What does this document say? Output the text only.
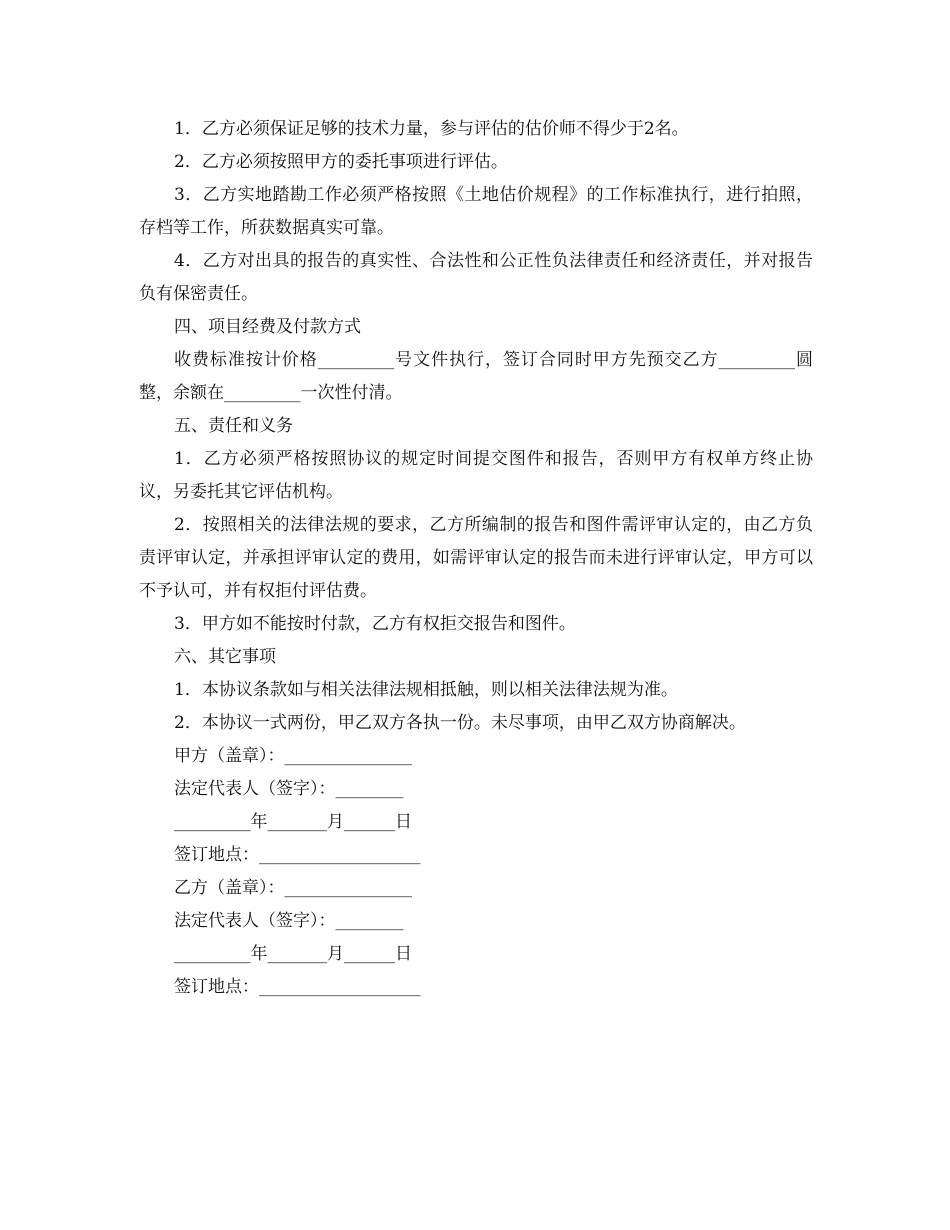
1．乙方必须保证足够的技术力量，参与评估的估价师不得少于2名。

2．乙方必须按照甲方的委托事项进行评估。

3．乙方实地踏勘工作必须严格按照《土地估价规程》的工作标准执行，进行拍照，存档等工作，所获数据真实可靠。

4．乙方对出具的报告的真实性、合法性和公正性负法律责任和经济责任，并对报告负有保密责任。

四、项目经费及付款方式

收费标准按计价格_________号文件执行，签订合同时甲方先预交乙方_________圆整，余额在_________一次性付清。

五、责任和义务

1．乙方必须严格按照协议的规定时间提交图件和报告，否则甲方有权单方终止协议，另委托其它评估机构。

2．按照相关的法律法规的要求，乙方所编制的报告和图件需评审认定的，由乙方负责评审认定，并承担评审认定的费用，如需评审认定的报告而未进行评审认定，甲方可以不予认可，并有权拒付评估费。

3．甲方如不能按时付款，乙方有权拒交报告和图件。

六、其它事项

1．本协议条款如与相关法律法规相抵触，则以相关法律法规为准。

2．本协议一式两份，甲乙双方各执一份。未尽事项，由甲乙双方协商解决。

甲方（盖章）：_______________
法定代表人（签字）：________
_________年_______月______日
签订地点：___________________
乙方（盖章）：_______________
法定代表人（签字）：________
_________年_______月______日
签订地点：___________________
